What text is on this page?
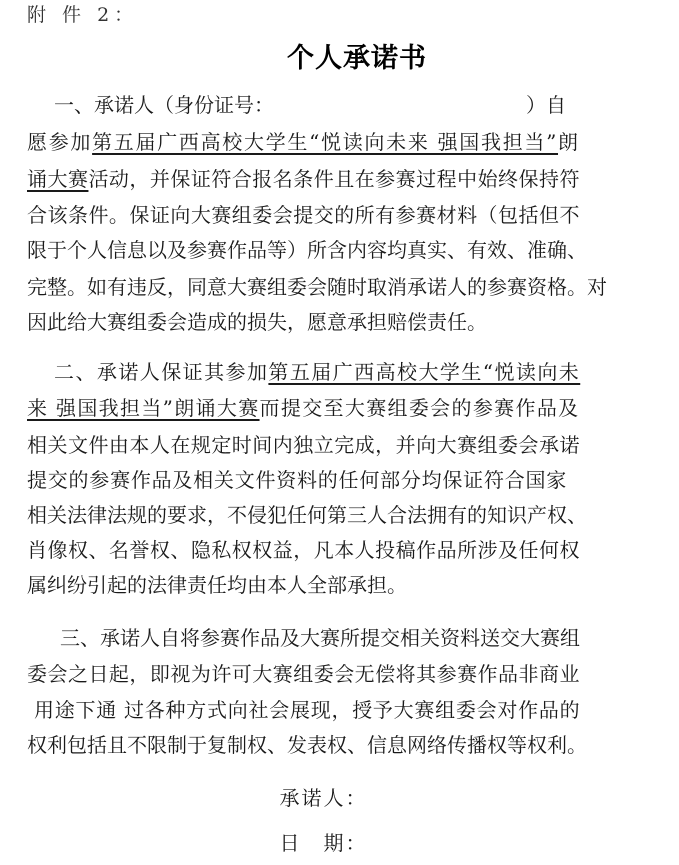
附 件 2：
个人承诺书
一、承诺人（身份证号：	）自
愿参加第五届广西高校大学生“悦读向未来 强国我担当”朗
诵大赛活动，并保证符合报名条件且在参赛过程中始终保持符
合该条件。保证向大赛组委会提交的所有参赛材料（包括但不
限于个人信息以及参赛作品等）所含内容均真实、有效、准确、
完整。如有违反，同意大赛组委会随时取消承诺人的参赛资格。对
因此给大赛组委会造成的损失，愿意承担赔偿责任。
二、承诺人保证其参加第五届广西高校大学生“悦读向未
来 强国我担当”朗诵大赛而提交至大赛组委会的参赛作品及
相关文件由本人在规定时间内独立完成，并向大赛组委会承诺
提交的参赛作品及相关文件资料的任何部分均保证符合国家
相关法律法规的要求，不侵犯任何第三人合法拥有的知识产权、
肖像权、名誉权、隐私权权益，凡本人投稿作品所涉及任何权
属纠纷引起的法律责任均由本人全部承担。
三、承诺人自将参赛作品及大赛所提交相关资料送交大赛组
委会之日起，即视为许可大赛组委会无偿将其参赛作品非商业
用途下通 过各种方式向社会展现，授予大赛组委会对作品的
权利包括且不限制于复制权、发表权、信息网络传播权等权利。
承诺人：
日　期：
